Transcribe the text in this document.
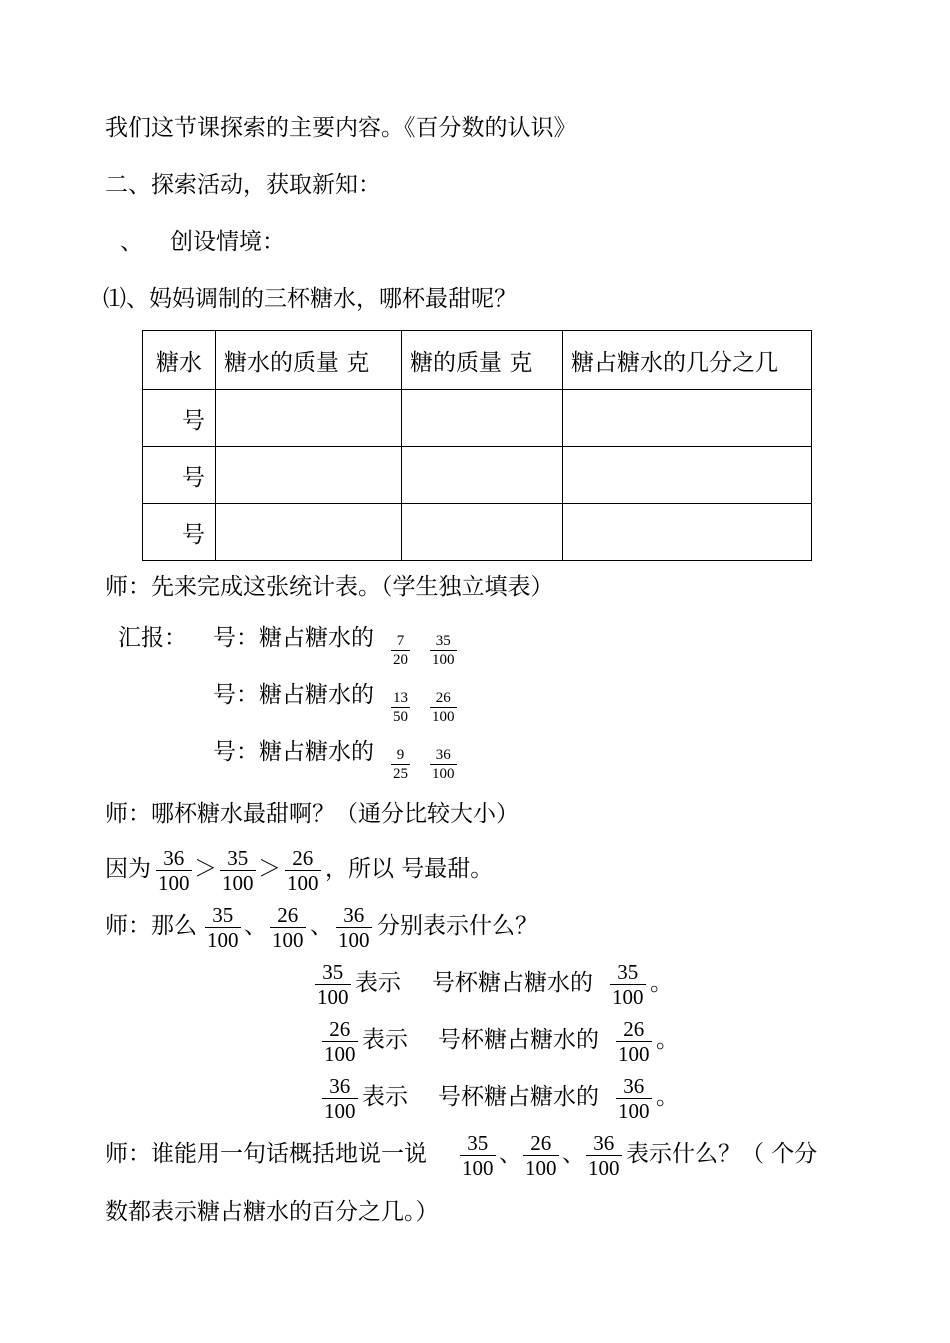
我们这节课探索的主要内容。《百分数的认识》
二、探索活动，获取新知：
、 创设情境：
⑴、妈妈调制的三杯糖水，哪杯最甜呢？
糖水	糖水的质量 克	糖的质量 克	糖占糖水的几分之几
号			
号			
号			
师：先来完成这张统计表。（学生独立填表）
汇报： 号：糖占糖水的	7
20
35
100
号：糖占糖水的 13
50
26
100
号：糖占糖水的	9
25
36
100
师：哪杯糖水最甜啊？（通分比较大小）
因为 36
100
＞ 35
100
＞ 26
100
，所以 号最甜。
师：那么 35
100
、 26
100
、 36
100
分别表示什么？
35
100
表示 号杯糖占糖水的	35
100
。
26
100
表示 号杯糖占糖水的	26
100
。
36
100
表示 号杯糖占糖水的	36
100
。
师：谁能用一句话概括地说一说	35
100
、 26
100
、 36
100
表示什么？（ 个分
数都表示糖占糖水的百分之几。）
